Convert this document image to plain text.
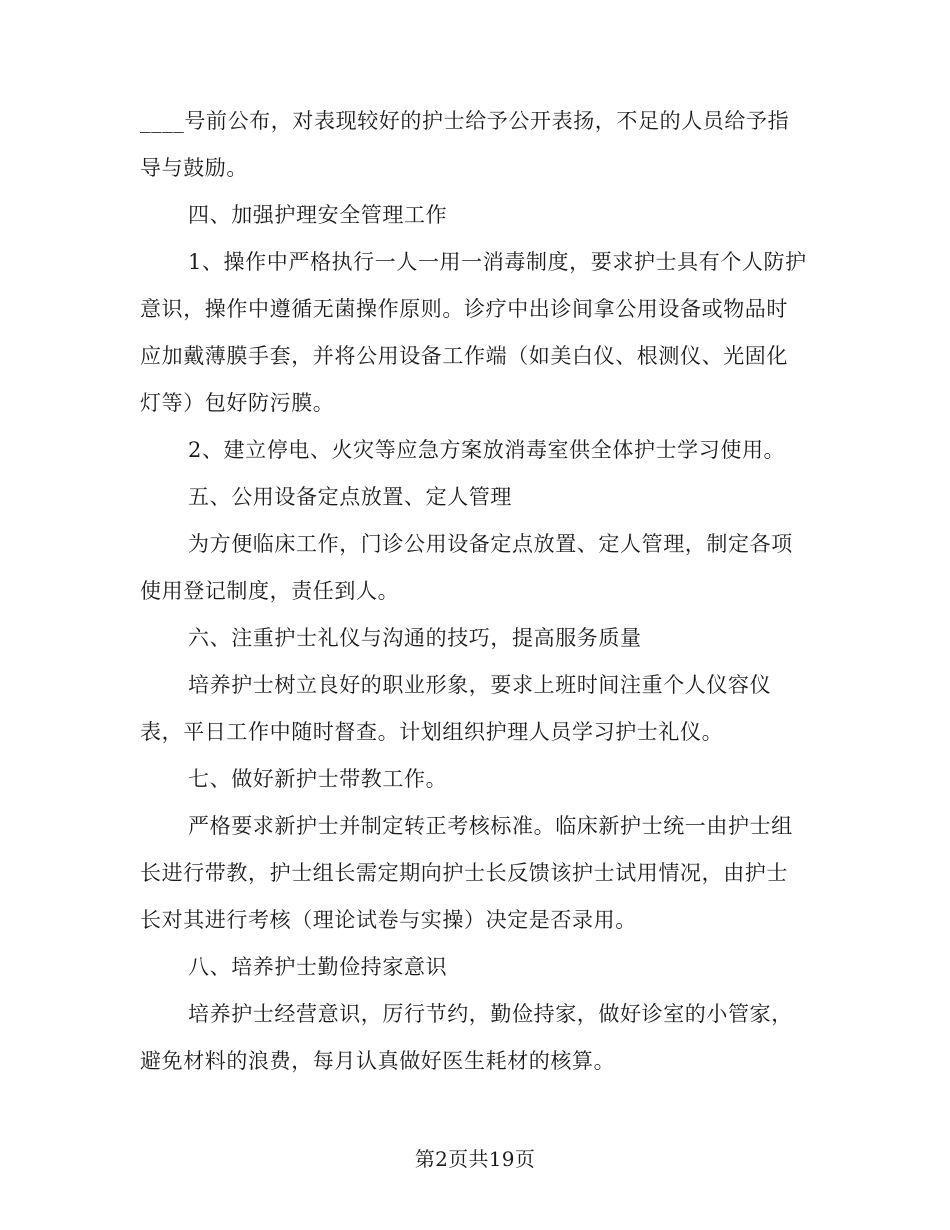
____号前公布，对表现较好的护士给予公开表扬，不足的人员给予指
导与鼓励。
四、加强护理安全管理工作
1、操作中严格执行一人一用一消毒制度，要求护士具有个人防护
意识，操作中遵循无菌操作原则。诊疗中出诊间拿公用设备或物品时
应加戴薄膜手套，并将公用设备工作端（如美白仪、根测仪、光固化
灯等）包好防污膜。
2、建立停电、火灾等应急方案放消毒室供全体护士学习使用。
五、公用设备定点放置、定人管理
为方便临床工作，门诊公用设备定点放置、定人管理，制定各项
使用登记制度，责任到人。
六、注重护士礼仪与沟通的技巧，提高服务质量
培养护士树立良好的职业形象，要求上班时间注重个人仪容仪
表，平日工作中随时督查。计划组织护理人员学习护士礼仪。
七、做好新护士带教工作。
严格要求新护士并制定转正考核标准。临床新护士统一由护士组
长进行带教，护士组长需定期向护士长反馈该护士试用情况，由护士
长对其进行考核（理论试卷与实操）决定是否录用。
八、培养护士勤俭持家意识
培养护士经营意识，厉行节约，勤俭持家，做好诊室的小管家，
避免材料的浪费，每月认真做好医生耗材的核算。
第2页共19页
